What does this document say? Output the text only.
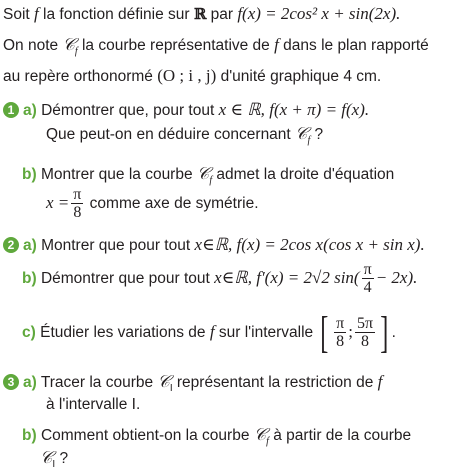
Soit f la fonction définie sur ℝ par f(x) = 2cos² x + sin(2x).
On note 𝒞$_f$ la courbe représentative de f dans le plan rapporté
au repère orthonormé (O ; i , j) d'unité graphique 4 cm.
1 a) Démontrer que, pour tout x ∈ ℝ, f(x + π) = f(x).
Que peut-on en déduire concernant 𝒞$_f$ ?
b) Montrer que la courbe 𝒞$_f$ admet la droite d'équation
$x = \frac{\pi}{8}$ comme axe de symétrie.
2 a) Montrer que pour tout x∈ℝ, f(x) = 2cos x(cos x + sin x).
b) Démontrer que pour tout x∈ℝ, f′(x) = 2√2 $\sin( \frac{\pi}{4} - 2x)$.
c) Étudier les variations de f sur l'intervalle [ $\frac{\pi}{8}$ ; $\frac{5\pi}{8}$ ] .
3 a) Tracer la courbe 𝒞$_I$ représentant la restriction de f
à l'intervalle I.
b) Comment obtient-on la courbe 𝒞$_f$ à partir de la courbe
𝒞$_I$ ?
